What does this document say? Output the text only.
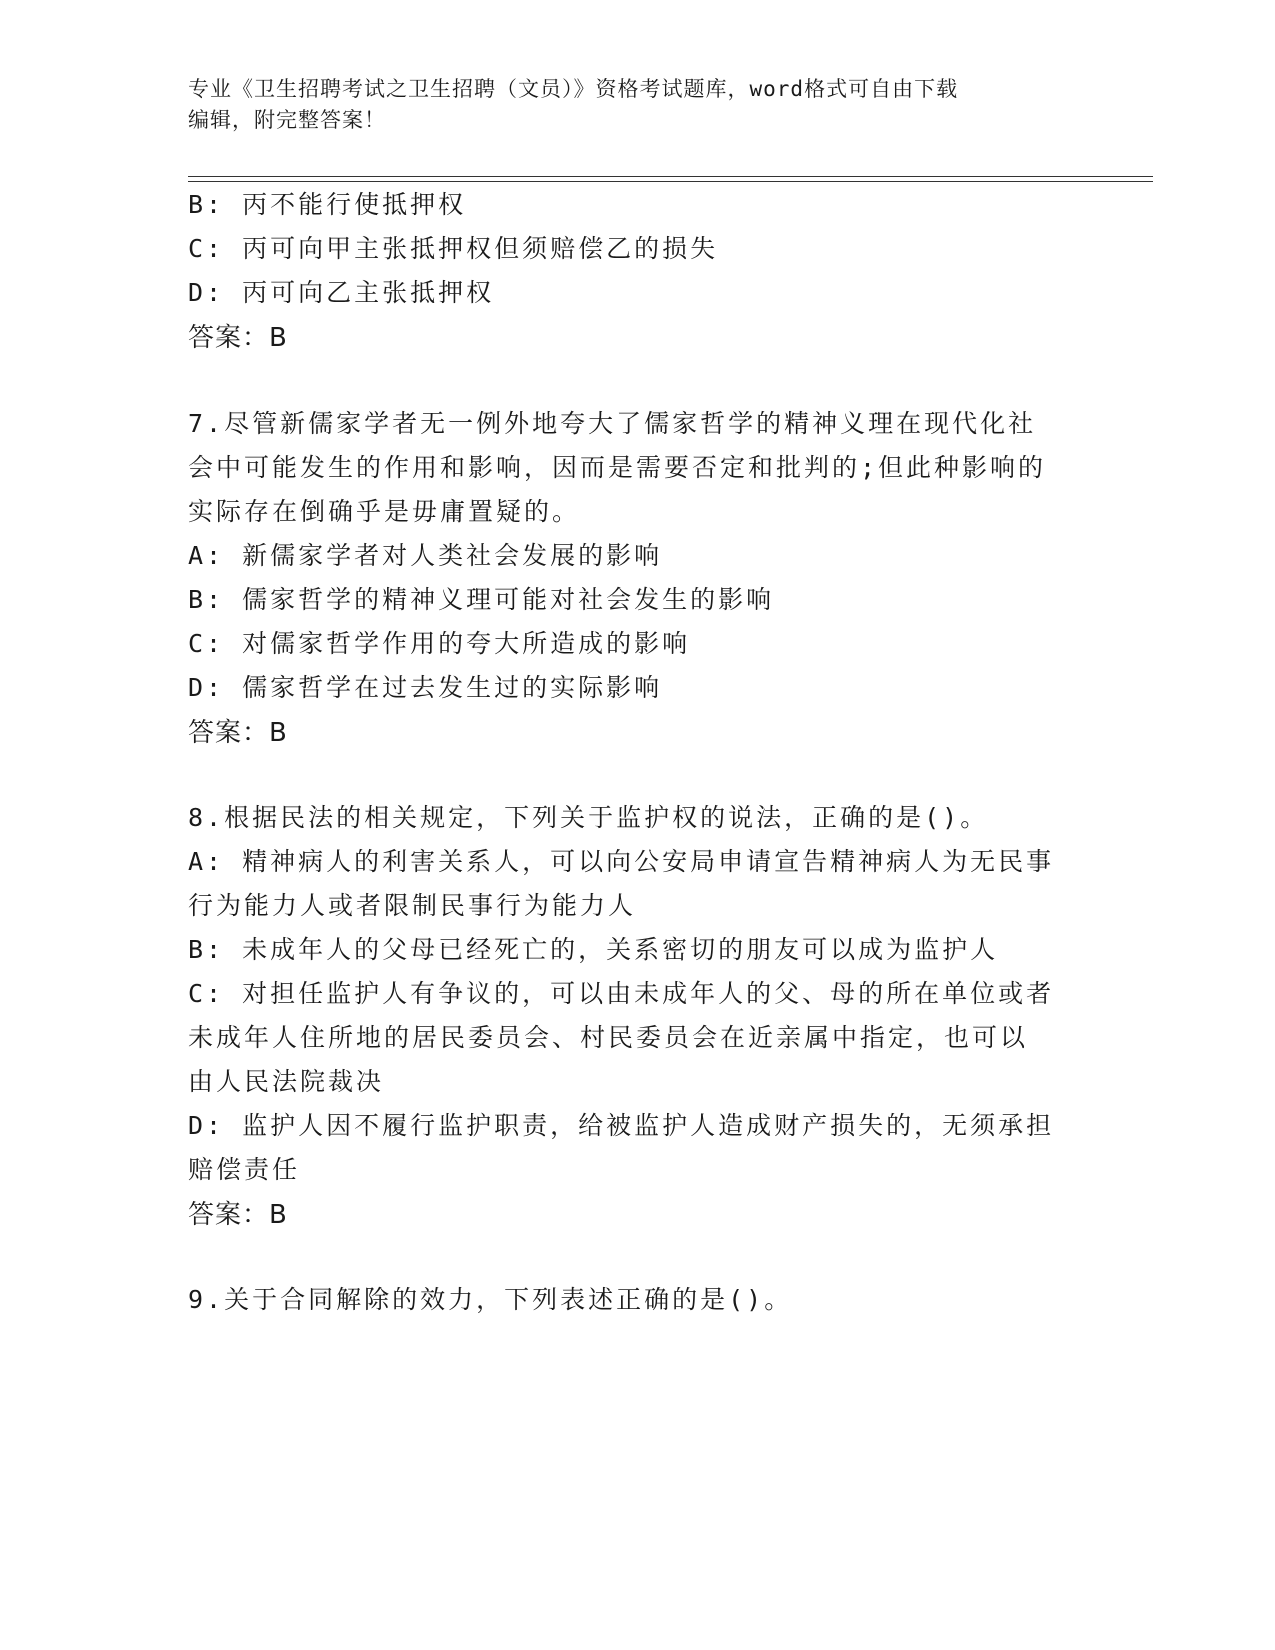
专业《卫生招聘考试之卫生招聘（文员）》资格考试题库，word格式可自由下载
编辑，附完整答案！
B: 丙不能行使抵押权
C: 丙可向甲主张抵押权但须赔偿乙的损失
D: 丙可向乙主张抵押权
答案：B
7.尽管新儒家学者无一例外地夸大了儒家哲学的精神义理在现代化社
会中可能发生的作用和影响，因而是需要否定和批判的;但此种影响的
实际存在倒确乎是毋庸置疑的。
A: 新儒家学者对人类社会发展的影响
B: 儒家哲学的精神义理可能对社会发生的影响
C: 对儒家哲学作用的夸大所造成的影响
D: 儒家哲学在过去发生过的实际影响
答案：B
8.根据民法的相关规定，下列关于监护权的说法，正确的是()。
A: 精神病人的利害关系人，可以向公安局申请宣告精神病人为无民事
行为能力人或者限制民事行为能力人
B: 未成年人的父母已经死亡的，关系密切的朋友可以成为监护人
C: 对担任监护人有争议的，可以由未成年人的父、母的所在单位或者
未成年人住所地的居民委员会、村民委员会在近亲属中指定，也可以
由人民法院裁决
D: 监护人因不履行监护职责，给被监护人造成财产损失的，无须承担
赔偿责任
答案：B
9.关于合同解除的效力，下列表述正确的是()。
